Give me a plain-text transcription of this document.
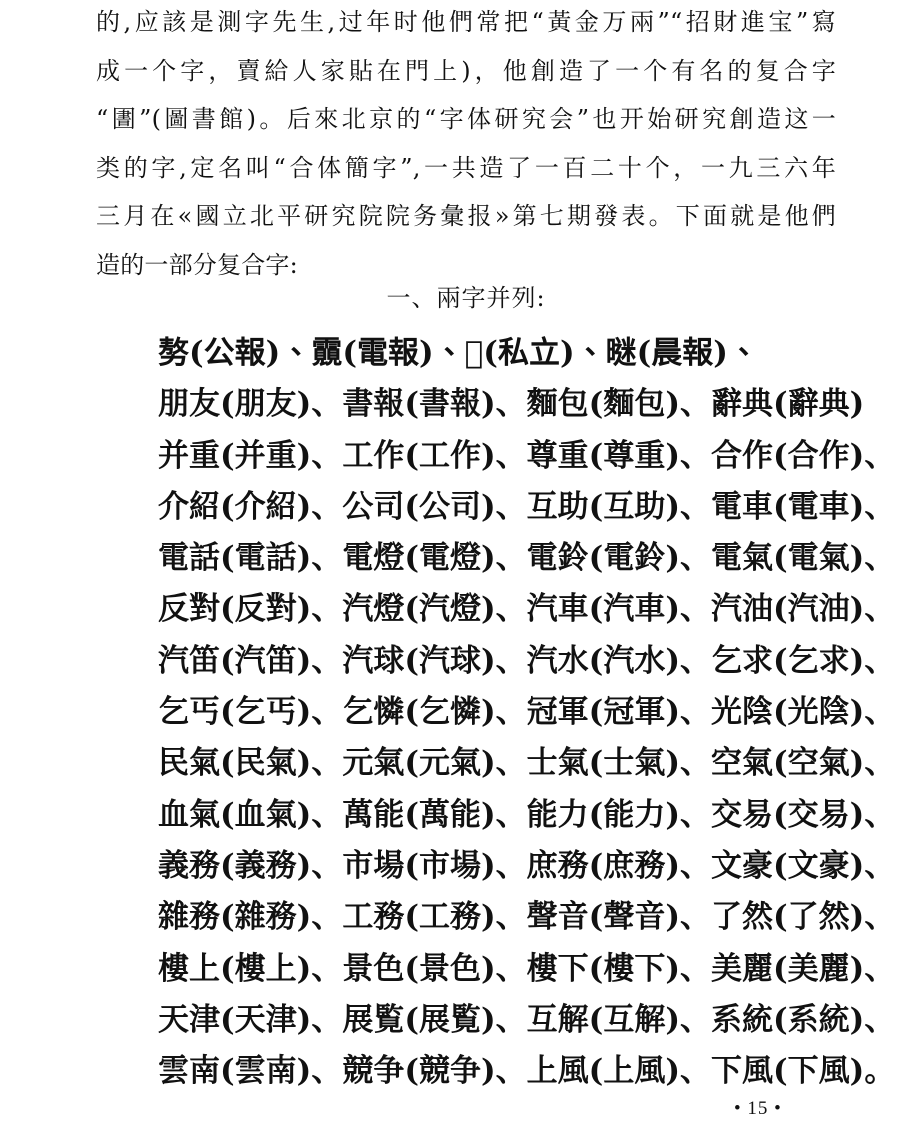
的,应該是測字先生,过年时他們常把“黃金万兩”“招財進宝”寫
成一个字，賣給人家貼在門上)，他創造了一个有名的复合字
“圕”(圖書館)。后來北京的“字体研究会”也开始研究創造这一
类的字,定名叫“合体簡字”,一共造了一百二十个，一九三六年
三月在«國立北平研究院院务彙报»第七期發表。下面就是他們
造的一部分复合字:
一、兩字并列:
𠢕(公報)、䨳(電報)、𡉨(私立)、𣉢(晨報)、
朋友(朋友)、書報(書報)、麵包(麵包)、辭典(辭典)
并重(并重)、工作(工作)、尊重(尊重)、合作(合作)、
介紹(介紹)、公司(公司)、互助(互助)、電車(電車)、
電話(電話)、電燈(電燈)、電鈴(電鈴)、電氣(電氣)、
反對(反對)、汽燈(汽燈)、汽車(汽車)、汽油(汽油)、
汽笛(汽笛)、汽球(汽球)、汽水(汽水)、乞求(乞求)、
乞丐(乞丐)、乞憐(乞憐)、冠軍(冠軍)、光陰(光陰)、
民氣(民氣)、元氣(元氣)、士氣(士氣)、空氣(空氣)、
血氣(血氣)、萬能(萬能)、能力(能力)、交易(交易)、
義務(義務)、市場(市場)、庶務(庶務)、文豪(文豪)、
雜務(雜務)、工務(工務)、聲音(聲音)、了然(了然)、
樓上(樓上)、景色(景色)、樓下(樓下)、美麗(美麗)、
天津(天津)、展覧(展覧)、互解(互解)、系統(系統)、
雲南(雲南)、競争(競争)、上風(上風)、下風(下風)。
• 15 •
